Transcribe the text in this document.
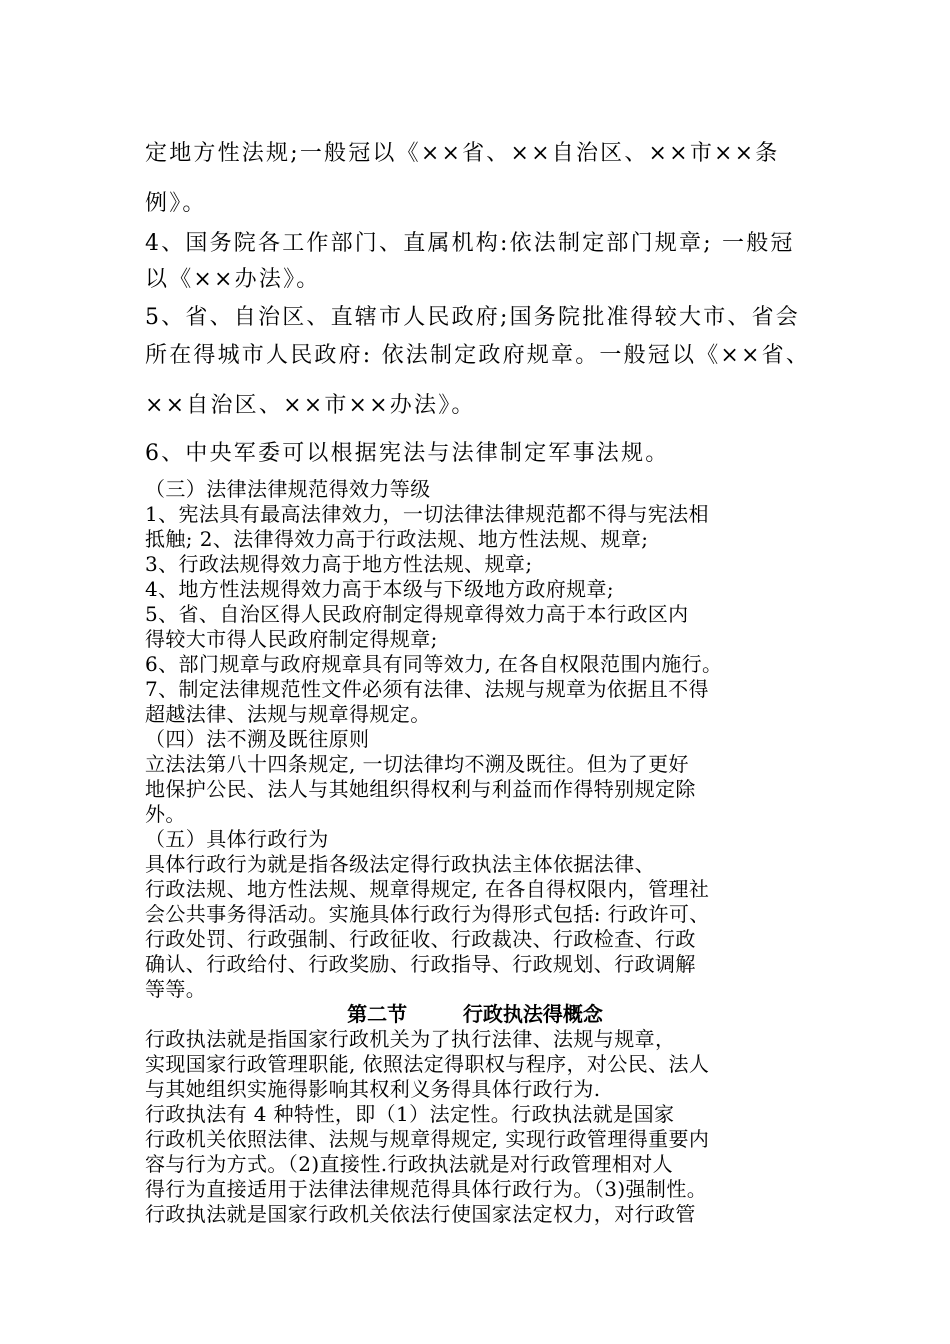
定地方性法规;一般冠以《××省、××自治区、××市××条
例》。
4、国务院各工作部门、直属机构:依法制定部门规章; 一般冠
以《××办法》。
5、省、自治区、直辖市人民政府;国务院批准得较大市、省会
所在得城市人民政府: 依法制定政府规章。一般冠以《××省、
××自治区、××市××办法》。
6、中央军委可以根据宪法与法律制定军事法规。
（三）法律法律规范得效力等级
1、宪法具有最高法律效力，一切法律法律规范都不得与宪法相
抵触; 2、法律得效力高于行政法规、地方性法规、规章;
3、行政法规得效力高于地方性法规、规章;
4、地方性法规得效力高于本级与下级地方政府规章;
5、省、自治区得人民政府制定得规章得效力高于本行政区内
得较大市得人民政府制定得规章;
6、部门规章与政府规章具有同等效力, 在各自权限范围内施行。
7、制定法律规范性文件必须有法律、法规与规章为依据且不得
超越法律、法规与规章得规定。
（四）法不溯及既往原则
立法法第八十四条规定, 一切法律均不溯及既往。但为了更好
地保护公民、法人与其她组织得权利与利益而作得特别规定除
外。
（五）具体行政行为
具体行政行为就是指各级法定得行政执法主体依据法律、
行政法规、地方性法规、规章得规定, 在各自得权限内，管理社
会公共事务得活动。实施具体行政行为得形式包括: 行政许可、
行政处罚、行政强制、行政征收、行政裁决、行政检查、行政
确认、行政给付、行政奖励、行政指导、行政规划、行政调解
等等。
第二节        行政执法得概念
行政执法就是指国家行政机关为了执行法律、法规与规章，
实现国家行政管理职能, 依照法定得职权与程序，对公民、法人
与其她组织实施得影响其权利义务得具体行政行为.
行政执法有 4 种特性，即（1）法定性。行政执法就是国家
行政机关依照法律、法规与规章得规定, 实现行政管理得重要内
容与行为方式。（2)直接性.行政执法就是对行政管理相对人
得行为直接适用于法律法律规范得具体行政行为。（3)强制性。
行政执法就是国家行政机关依法行使国家法定权力，对行政管
